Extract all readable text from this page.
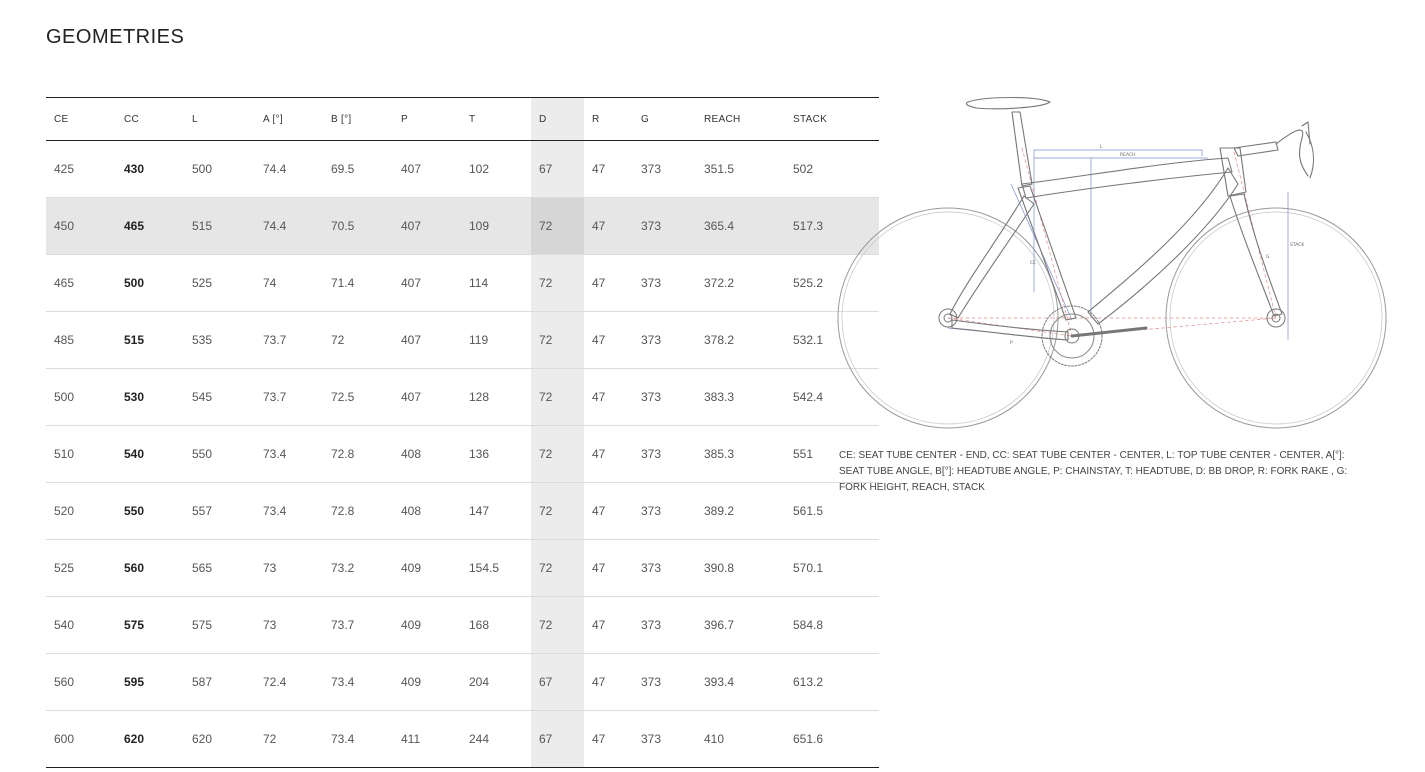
GEOMETRIES
CE	CC	L	A [°]	B [°]	P	T	D	R	G	REACH	STACK
425	430	500	74.4	69.5	407	102	67	47	373	351.5	502
450	465	515	74.4	70.5	407	109	72	47	373	365.4	517.3
465	500	525	74	71.4	407	114	72	47	373	372.2	525.2
485	515	535	73.7	72	407	119	72	47	373	378.2	532.1
500	530	545	73.7	72.5	407	128	72	47	373	383.3	542.4
510	540	550	73.4	72.8	408	136	72	47	373	385.3	551
520	550	557	73.4	72.8	408	147	72	47	373	389.2	561.5
525	560	565	73	73.2	409	154.5	72	47	373	390.8	570.1
540	575	575	73	73.7	409	168	72	47	373	396.7	584.8
560	595	587	72.4	73.4	409	204	67	47	373	393.4	613.2
600	620	620	72	73.4	411	244	67	47	373	410	651.6
L
REACH
STACK
CE
G
P

CE: SEAT TUBE CENTER - END, CC: SEAT TUBE CENTER - CENTER, L: TOP TUBE CENTER - CENTER, A[°]: SEAT TUBE ANGLE, B[°]: HEADTUBE ANGLE, P: CHAINSTAY, T: HEADTUBE, D: BB DROP, R: FORK RAKE , G: FORK HEIGHT, REACH, STACK
